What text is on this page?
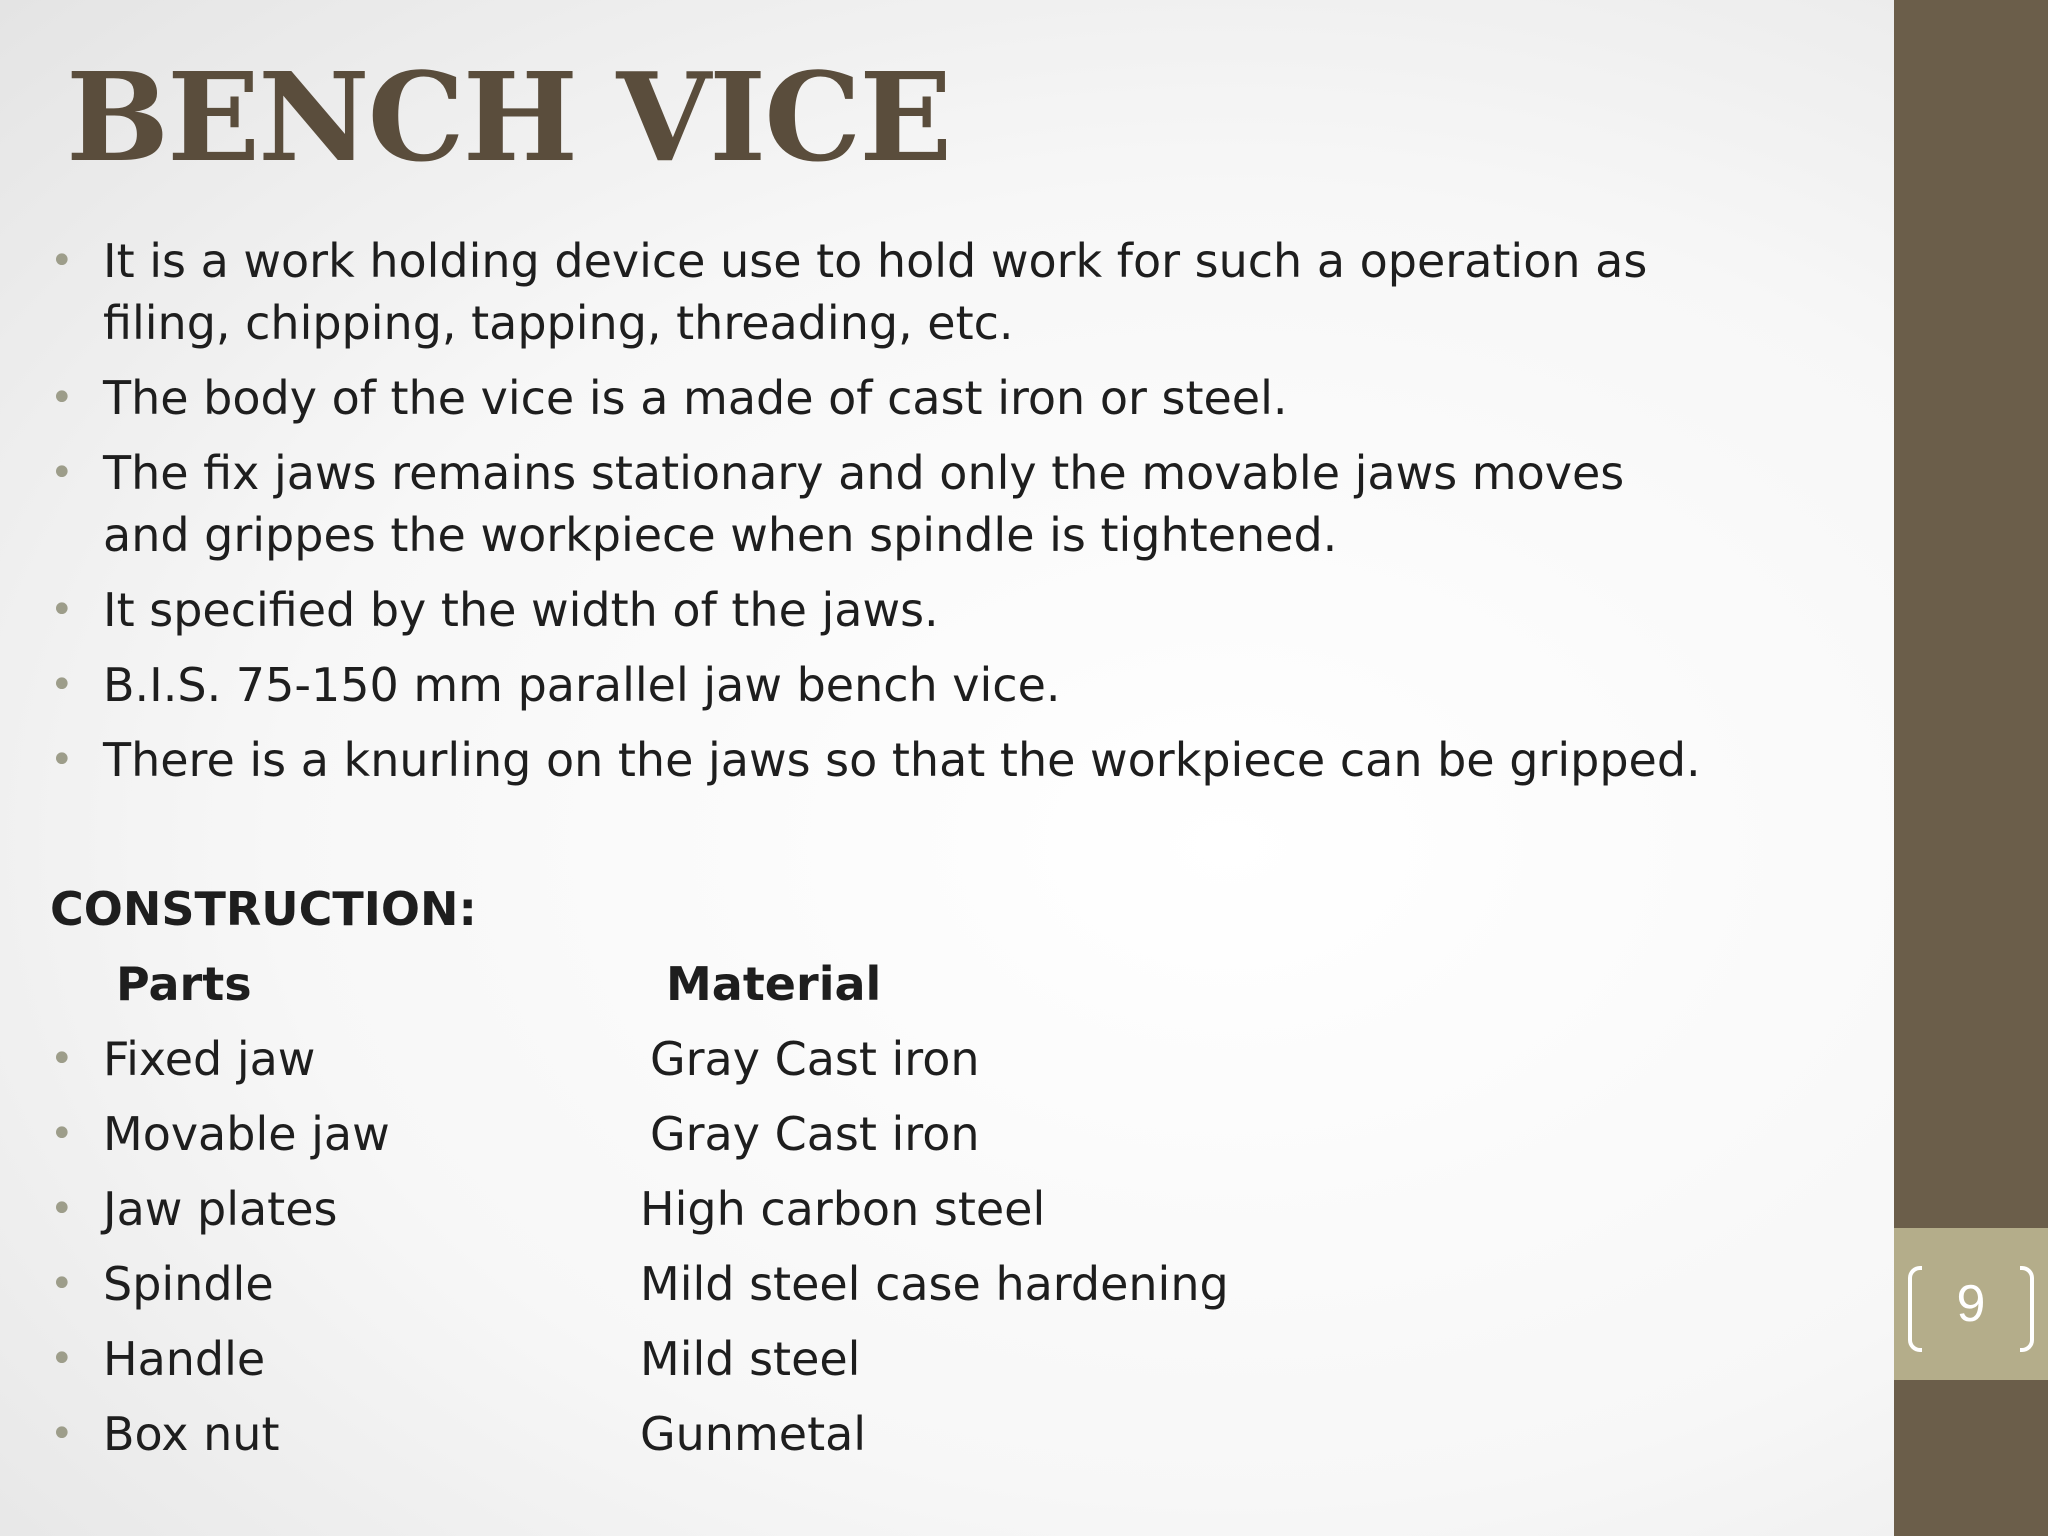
BENCH VICE
• It is a work holding device use to hold work for such a operation as filing, chipping, tapping, threading, etc.
• The body of the vice is a made of cast iron or steel.
• The fix jaws remains stationary and only the movable jaws moves and grippes the workpiece when spindle is tightened.
• It specified by the width of the jaws.
• B.I.S. 75-150 mm parallel jaw bench vice.
• There is a knurling on the jaws so that the workpiece can be gripped.
CONSTRUCTION:
Parts	Material
• Fixed jaw	Gray Cast iron
• Movable jaw	Gray Cast iron
• Jaw plates	High carbon steel
• Spindle	Mild steel case hardening
• Handle	Mild steel
• Box nut	Gunmetal
9
